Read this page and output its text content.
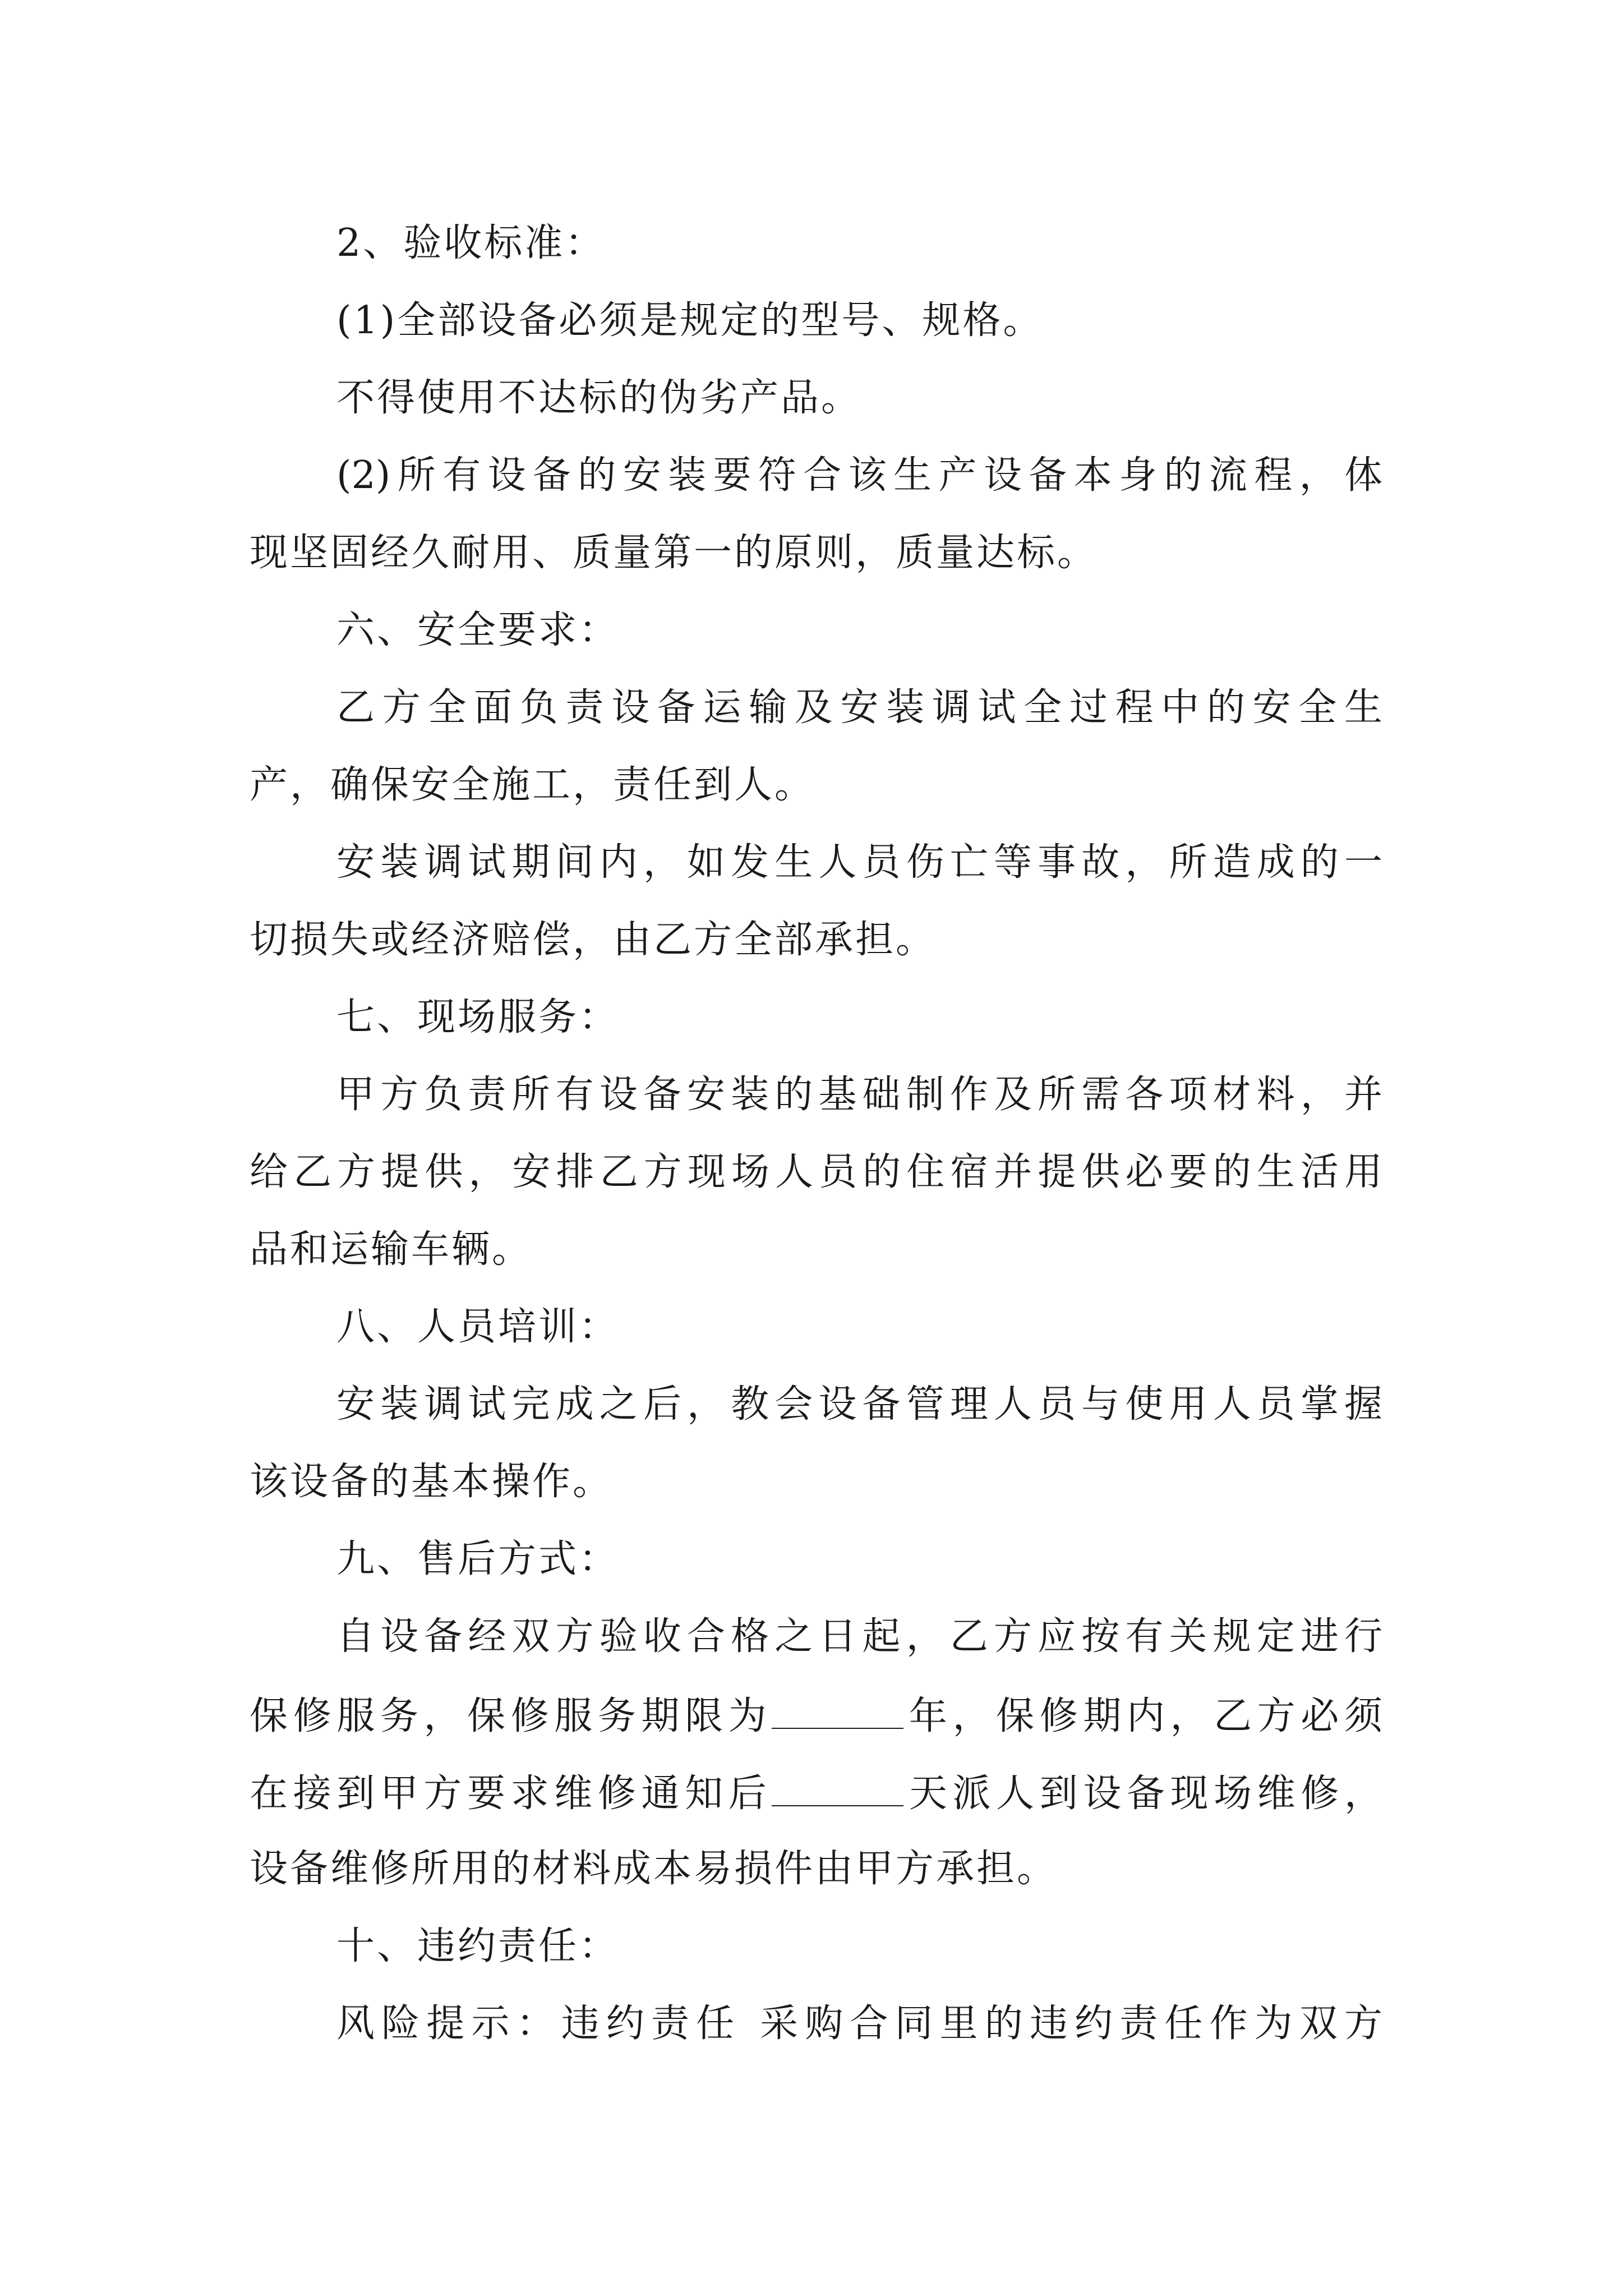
2、验收标准：
(1)全部设备必须是规定的型号、规格。
不得使用不达标的伪劣产品。
(2)所有设备的安装要符合该生产设备本身的流程，体
现坚固经久耐用、质量第一的原则，质量达标。
六、安全要求：
乙方全面负责设备运输及安装调试全过程中的安全生
产，确保安全施工，责任到人。
安装调试期间内，如发生人员伤亡等事故，所造成的一
切损失或经济赔偿，由乙方全部承担。
七、现场服务：
甲方负责所有设备安装的基础制作及所需各项材料，并
给乙方提供，安排乙方现场人员的住宿并提供必要的生活用
品和运输车辆。
八、人员培训：
安装调试完成之后，教会设备管理人员与使用人员掌握
该设备的基本操作。
九、售后方式：
自设备经双方验收合格之日起，乙方应按有关规定进行
保修服务，保修服务期限为	年，保修期内，乙方必须
在接到甲方要求维修通知后	天派人到设备现场维修，
设备维修所用的材料成本易损件由甲方承担。
十、违约责任：
风险提示：违约责任 采购合同里的违约责任作为双方
